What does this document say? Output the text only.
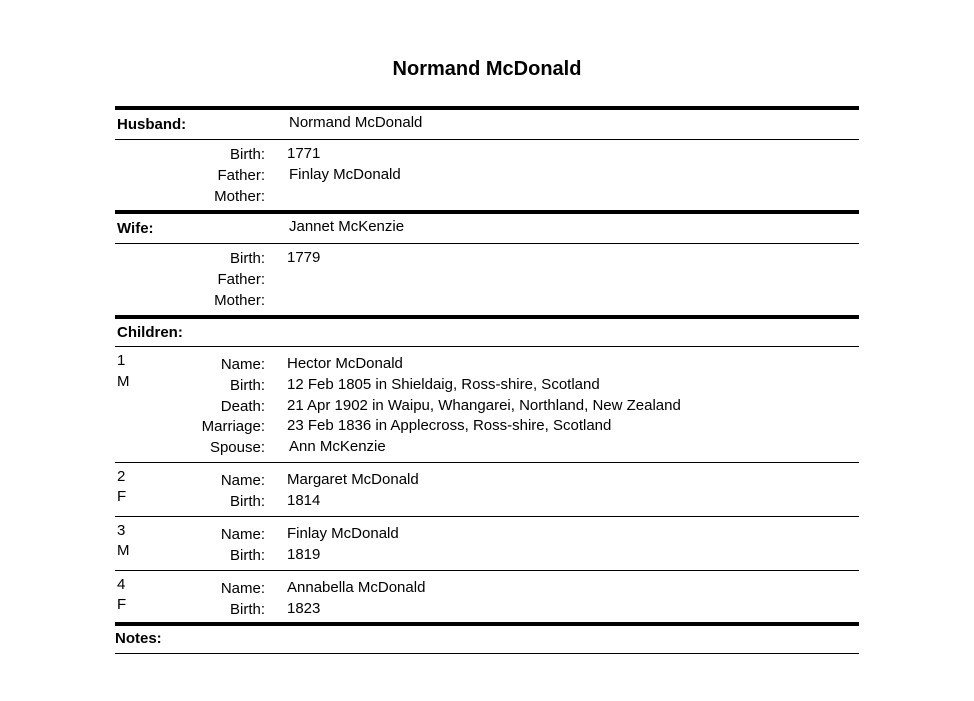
Normand McDonald
Husband:	Normand McDonald
Birth: 1771
Father: Finlay McDonald
Mother:
Wife:	Jannet McKenzie
Birth: 1779
Father:
Mother:
Children:
1
M
Name: Hector McDonald
Birth: 12 Feb 1805 in Shieldaig, Ross-shire, Scotland
Death: 21 Apr 1902 in Waipu, Whangarei, Northland, New Zealand
Marriage: 23 Feb 1836 in Applecross, Ross-shire, Scotland
Spouse: Ann McKenzie
2
F
Name: Margaret McDonald
Birth: 1814
3
M
Name: Finlay McDonald
Birth: 1819
4
F
Name: Annabella McDonald
Birth: 1823
Notes:
